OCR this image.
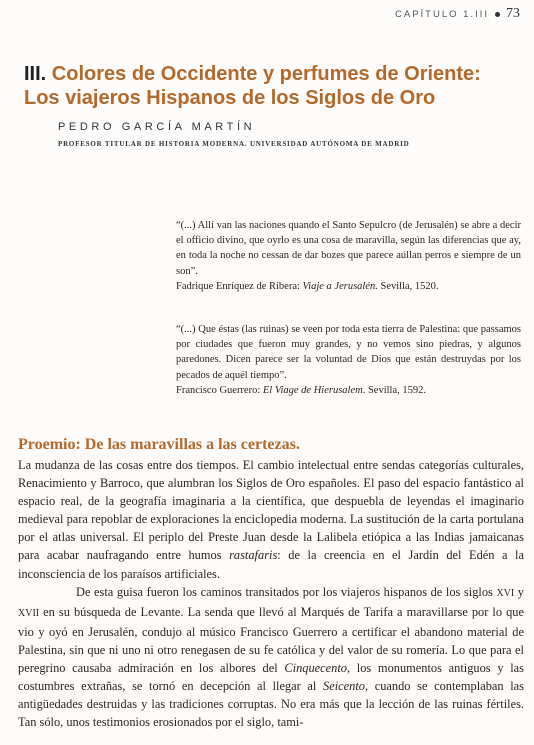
CAPÍTULO 1.III 73
III. Colores de Occidente y perfumes de Oriente:
Los viajeros Hispanos de los Siglos de Oro
PEDRO GARCÍA MARTÍN
PROFESOR TITULAR DE HISTORIA MODERNA. UNIVERSIDAD AUTÓNOMA DE MADRID

“(...) Allí van las naciones quando el Santo Sepulcro (de Jerusalén) se abre a decir el officio divino, que oyrlo es una cosa de maravilla, según las diferencias que ay, en toda la noche no cessan de dar bozes que parece aúllan perros e siempre de un son”.

Fadrique Enríquez de Ribera: Viaje a Jerusalén. Sevilla, 1520.

“(...) Que éstas (las ruinas) se veen por toda esta tierra de Palestina: que passamos por ciudades que fueron muy grandes, y no vemos sino piedras, y algunos paredones. Dicen parece ser la voluntad de Dios que están destruydas por los pecados de aquél tiempo”.

Francisco Guerrero: El Viage de Hierusalem. Sevilla, 1592.

Proemio: De las maravillas a las certezas.

La mudanza de las cosas entre dos tiempos. El cambio intelectual entre sendas categorías culturales, Renacimiento y Barroco, que alumbran los Siglos de Oro españoles. El paso del espacio fantástico al espacio real, de la geografía imaginaria a la científica, que despuebla de leyendas el imaginario medieval para repoblar de exploraciones la enciclopedia moderna. La sustitución de la carta portulana por el atlas universal. El periplo del Preste Juan desde la Lalibela etiópica a las Indias jamaicanas para acabar naufragando entre humos rastafaris: de la creencia en el Jardín del Edén a la inconsciencia de los paraísos artificiales.

De esta guisa fueron los caminos transitados por los viajeros hispanos de los siglos XVI y XVII en su búsqueda de Levante. La senda que llevó al Marqués de Tarifa a maravillarse por lo que vio y oyó en Jerusalén, condujo al músico Francisco Guerrero a certificar el abandono material de Palestina, sin que ni uno ni otro renegasen de su fe católica y del valor de su romería. Lo que para el peregrino causaba admiración en los albores del Cinquecento, los monumentos antiguos y las costumbres extrañas, se tornó en decepción al llegar al Seicento, cuando se contemplaban las antigüedades destruidas y las tradiciones corruptas. No era más que la lección de las ruinas fértiles. Tan sólo, unos testimonios erosionados por el siglo, tami-
